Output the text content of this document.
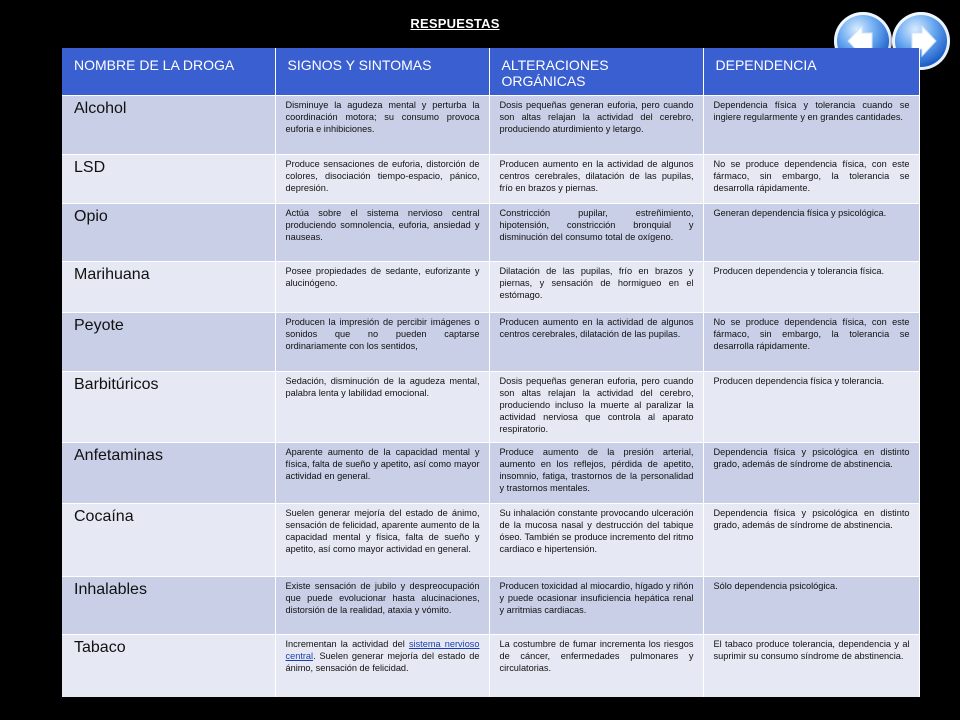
RESPUESTAS
NOMBRE DE LA DROGA	SIGNOS Y SINTOMAS	ALTERACIONES ORGÁNICAS	DEPENDENCIA
Alcohol	Disminuye la agudeza mental y perturba la coordinación motora; su consumo provoca euforia e inhibiciones.	Dosis pequeñas generan euforia, pero cuando son altas relajan la actividad del cerebro, produciendo aturdimiento y letargo.	Dependencia física y tolerancia cuando se ingiere regularmente y en grandes cantidades.
LSD	Produce sensaciones de euforia, distorción de colores, disociación tiempo-espacio, pánico, depresión.	Producen aumento en la actividad de algunos centros cerebrales, dilatación de las pupilas, frío en brazos y piernas.	No se produce dependencia física, con este fármaco, sin embargo, la tolerancia se desarrolla rápidamente.
Opio	Actúa sobre el sistema nervioso central produciendo somnolencia, euforia, ansiedad y nauseas.	Constricción pupilar, estreñimiento, hipotensión, constricción bronquial y disminución del consumo total de oxígeno.	Generan dependencia física y psicológica.
Marihuana	Posee propiedades de sedante, euforizante y alucinógeno.	Dilatación de las pupilas, frío en brazos y piernas, y sensación de hormigueo en el estómago.	Producen dependencia y tolerancia física.
Peyote	Producen la impresión de percibir imágenes o sonidos que no pueden captarse ordinariamente con los sentidos,	Producen aumento en la actividad de algunos centros cerebrales, dilatación de las pupilas.	No se produce dependencia física, con este fármaco, sin embargo, la tolerancia se desarrolla rápidamente.
Barbitúricos	Sedación, disminución de la agudeza mental, palabra lenta y labilidad emocional.	Dosis pequeñas generan euforia, pero cuando son altas relajan la actividad del cerebro, produciendo incluso la muerte al paralizar la actividad nerviosa que controla al aparato respiratorio.	Producen dependencia física y tolerancia.
Anfetaminas	Aparente aumento de la capacidad mental y física, falta de sueño y apetito, así como mayor actividad en general.	Produce aumento de la presión arterial, aumento en los reflejos, pérdida de apetito, insomnio, fatiga, trastornos de la personalidad y trastornos mentales.	Dependencia física y psicológica en distinto grado, además de síndrome de abstinencia.
Cocaína	Suelen generar mejoría del estado de ánimo, sensación de felicidad, aparente aumento de la capacidad mental y física, falta de sueño y apetito, así como mayor actividad en general.	Su inhalación constante provocando ulceración de la mucosa nasal y destrucción del tabique óseo. También se produce incremento del ritmo cardiaco e hipertensión.	Dependencia física y psicológica en distinto grado, además de síndrome de abstinencia.
Inhalables	Existe sensación de jubilo y despreocupación que puede evolucionar hasta alucinaciones, distorsión de la realidad, ataxia y vómito.	Producen toxicidad al miocardio, hígado y riñón y puede ocasionar insuficiencia hepática renal y arritmias cardiacas.	Sólo dependencia psicológica.
Tabaco	Incrementan la actividad del sistema nervioso central. Suelen generar mejoría del estado de ánimo, sensación de felicidad.	La costumbre de fumar incrementa los riesgos de cáncer, enfermedades pulmonares y circulatorias.	El tabaco produce tolerancia, dependencia y al suprimir su consumo síndrome de abstinencia.
